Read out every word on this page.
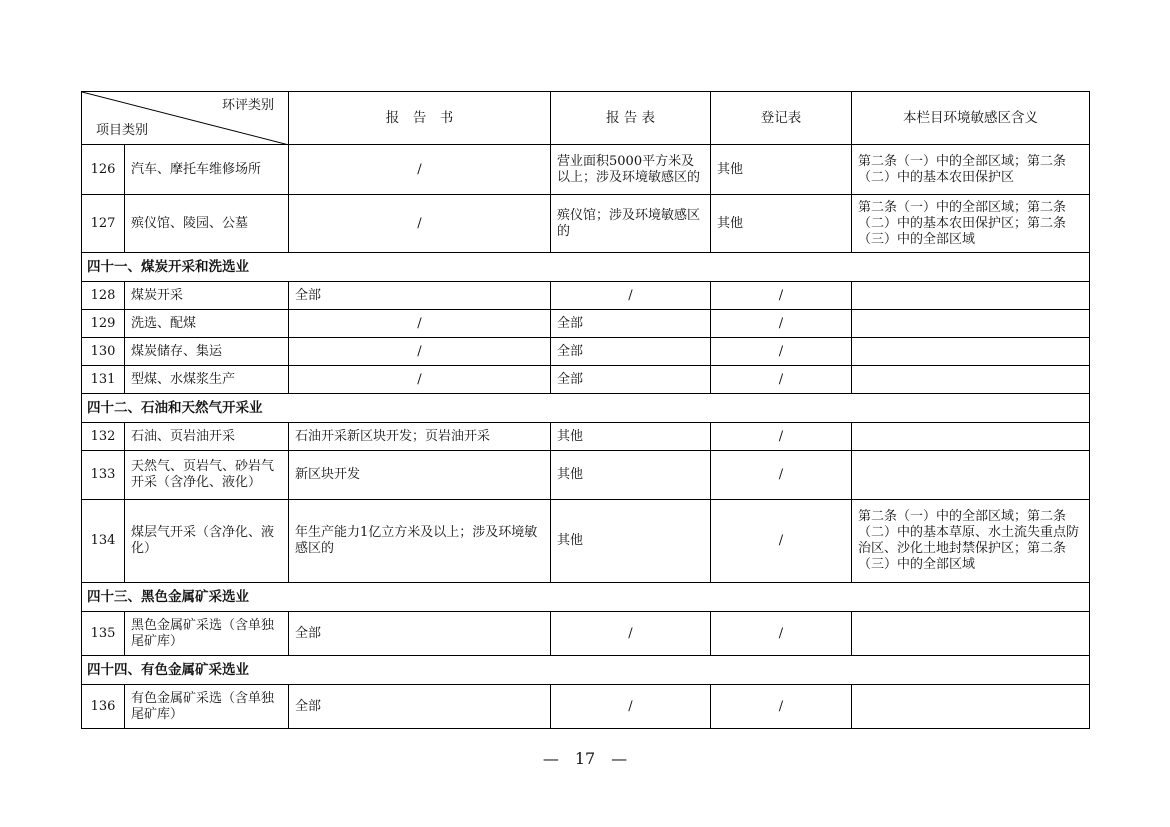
环评类别
项目类别		报　告　书	报 告 表	登记表	本栏目环境敏感区含义
126	汽车、摩托车维修场所	/	营业面积5000平方米及以上；涉及环境敏感区的	其他	第二条（一）中的全部区域；第二条（二）中的基本农田保护区
127	殡仪馆、陵园、公墓	/	殡仪馆；涉及环境敏感区的	其他	第二条（一）中的全部区域；第二条（二）中的基本农田保护区；第二条（三）中的全部区域
四十一、煤炭开采和洗选业					
128	煤炭开采	全部	/	/	
129	洗选、配煤	/	全部	/	
130	煤炭储存、集运	/	全部	/	
131	型煤、水煤浆生产	/	全部	/	
四十二、石油和天然气开采业					
132	石油、页岩油开采	石油开采新区块开发；页岩油开采	其他	/	
133	天然气、页岩气、砂岩气开采（含净化、液化）	新区块开发	其他	/	
134	煤层气开采（含净化、液化）	年生产能力1亿立方米及以上；涉及环境敏感区的	其他	/	第二条（一）中的全部区域；第二条（二）中的基本草原、水土流失重点防治区、沙化土地封禁保护区；第二条（三）中的全部区域
四十三、黑色金属矿采选业					
135	黑色金属矿采选（含单独尾矿库）	全部	/	/	
四十四、有色金属矿采选业					
136	有色金属矿采选（含单独尾矿库）	全部	/	/	
—　17　—
